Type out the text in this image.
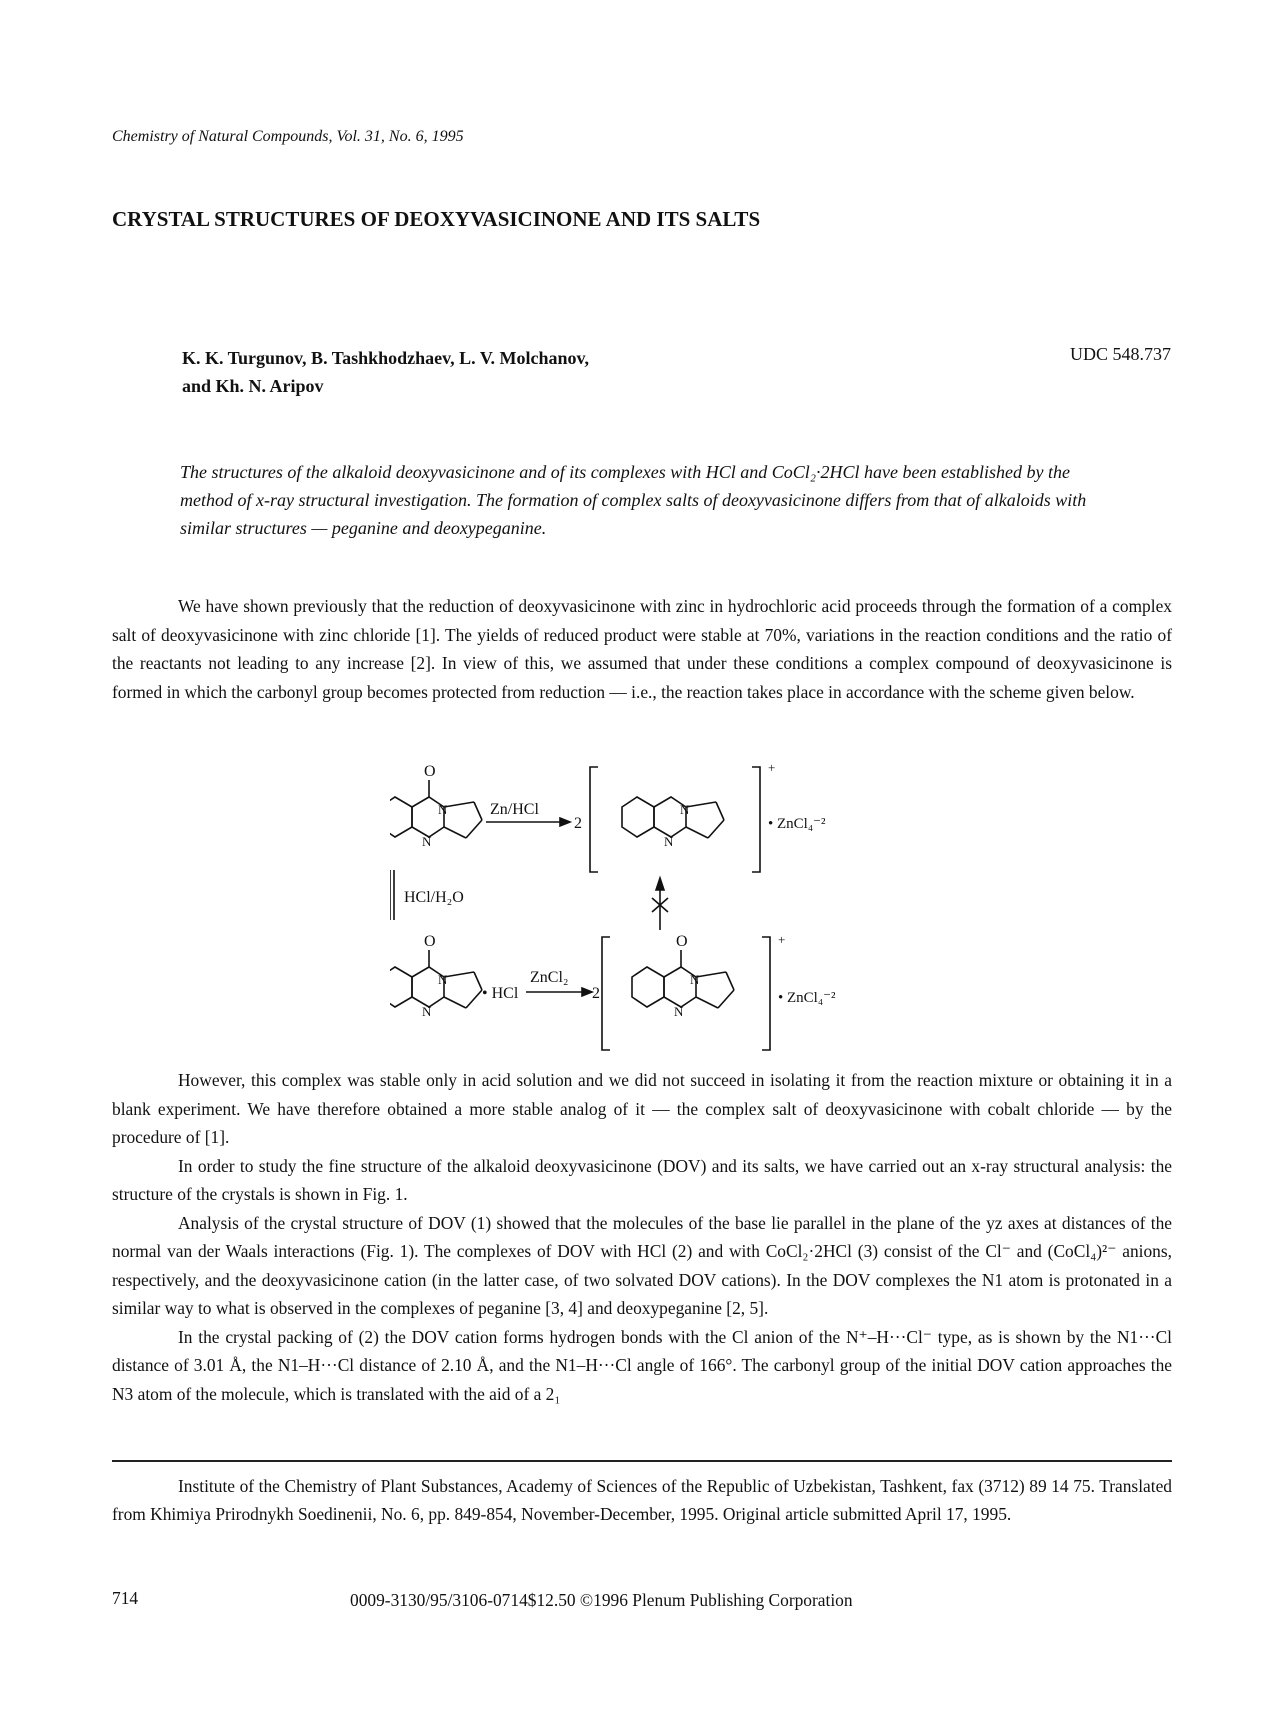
Chemistry of Natural Compounds, Vol. 31, No. 6, 1995
CRYSTAL STRUCTURES OF DEOXYVASICINONE AND ITS SALTS
K. K. Turgunov, B. Tashkhodzhaev, L. V. Molchanov,
and Kh. N. Aripov
UDC 548.737
The structures of the alkaloid deoxyvasicinone and of its complexes with HCl and CoCl₂·2HCl have been established by the method of x-ray structural investigation. The formation of complex salts of deoxyvasicinone differs from that of alkaloids with similar structures — peganine and deoxypeganine.

We have shown previously that the reduction of deoxyvasicinone with zinc in hydrochloric acid proceeds through the formation of a complex salt of deoxyvasicinone with zinc chloride [1]. The yields of reduced product were stable at 70%, variations in the reaction conditions and the ratio of the reactants not leading to any increase [2]. In view of this, we assumed that under these conditions a complex compound of deoxyvasicinone is formed in which the carbonyl group becomes protected from reduction — i.e., the reaction takes place in accordance with the scheme given below.

O
N
N
Zn/HCl
2
+
• ZnCl₄⁻²
N
N
HCl/H₂O
O
N
N
• HCl
ZnCl₂
2
+
• ZnCl₄⁻²
O
N
N

However, this complex was stable only in acid solution and we did not succeed in isolating it from the reaction mixture or obtaining it in a blank experiment. We have therefore obtained a more stable analog of it — the complex salt of deoxyvasicinone with cobalt chloride — by the procedure of [1].

In order to study the fine structure of the alkaloid deoxyvasicinone (DOV) and its salts, we have carried out an x-ray structural analysis: the structure of the crystals is shown in Fig. 1.

Analysis of the crystal structure of DOV (1) showed that the molecules of the base lie parallel in the plane of the yz axes at distances of the normal van der Waals interactions (Fig. 1). The complexes of DOV with HCl (2) and with CoCl₂·2HCl (3) consist of the Cl⁻ and (CoCl₄)²⁻ anions, respectively, and the deoxyvasicinone cation (in the latter case, of two solvated DOV cations). In the DOV complexes the N1 atom is protonated in a similar way to what is observed in the complexes of peganine [3, 4] and deoxypeganine [2, 5].

In the crystal packing of (2) the DOV cation forms hydrogen bonds with the Cl anion of the N⁺–H···Cl⁻ type, as is shown by the N1···Cl distance of 3.01 Å, the N1–H···Cl distance of 2.10 Å, and the N1–H···Cl angle of 166°. The carbonyl group of the initial DOV cation approaches the N3 atom of the molecule, which is translated with the aid of a 2₁

Institute of the Chemistry of Plant Substances, Academy of Sciences of the Republic of Uzbekistan, Tashkent, fax (3712) 89 14 75. Translated from Khimiya Prirodnykh Soedinenii, No. 6, pp. 849-854, November-December, 1995. Original article submitted April 17, 1995.
714	0009-3130/95/3106-0714$12.50 ©1996 Plenum Publishing Corporation
